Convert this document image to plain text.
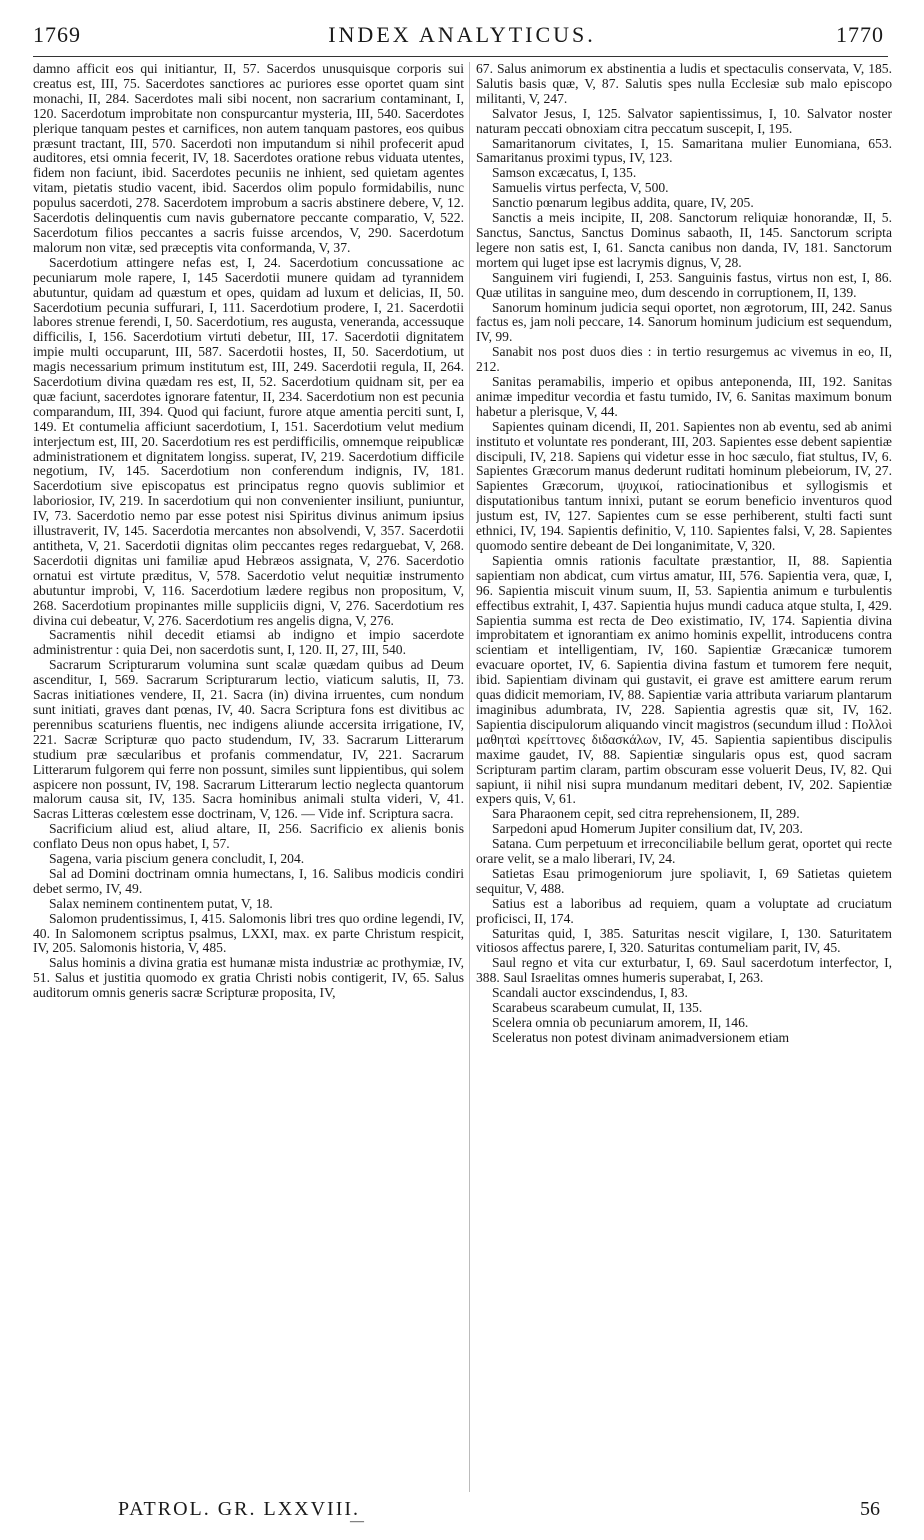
1769	INDEX ANALYTICUS.	1770

damno afficit eos qui initiantur, II, 57. Sacerdos unusquisque corporis sui creatus est, III, 75. Sacerdotes sanctiores ac puriores esse oportet quam sint monachi, II, 284. Sacerdotes mali sibi nocent, non sacrarium contaminant, I, 120. Sacerdotum improbitate non conspurcantur mysteria, III, 540. Sacerdotes plerique tanquam pestes et carnifices, non autem tanquam pastores, eos quibus præsunt tractant, III, 570. Sacerdoti non imputandum si nihil profecerit apud auditores, etsi omnia fecerit, IV, 18. Sacerdotes oratione rebus viduata utentes, fidem non faciunt, ibid. Sacerdotes pecuniis ne inhient, sed quietam agentes vitam, pietatis studio vacent, ibid. Sacerdos olim populo formidabilis, nunc populus sacerdoti, 278. Sacerdotem improbum a sacris abstinere debere, V, 12. Sacerdotis delinquentis cum navis gubernatore peccante comparatio, V, 522. Sacerdotum filios peccantes a sacris fuisse arcendos, V, 290. Sacerdotum malorum non vitæ, sed præceptis vita conformanda, V, 37.

Sacerdotium attingere nefas est, I, 24. Sacerdotium concussatione ac pecuniarum mole rapere, I, 145 Sacerdotii munere quidam ad tyrannidem abutuntur, quidam ad quæstum et opes, quidam ad luxum et delicias, II, 50. Sacerdotium pecunia suffurari, I, 111. Sacerdotium prodere, I, 21. Sacerdotii labores strenue ferendi, I, 50. Sacerdotium, res augusta, veneranda, accessuque difficilis, I, 156. Sacerdotium virtuti debetur, III, 17. Sacerdotii dignitatem impie multi occuparunt, III, 587. Sacerdotii hostes, II, 50. Sacerdotium, ut magis necessarium primum institutum est, III, 249. Sacerdotii regula, II, 264. Sacerdotium divina quædam res est, II, 52. Sacerdotium quidnam sit, per ea quæ faciunt, sacerdotes ignorare fatentur, II, 234. Sacerdotium non est pecunia comparandum, III, 394. Quod qui faciunt, furore atque amentia perciti sunt, I, 149. Et contumelia afficiunt sacerdotium, I, 151. Sacerdotium velut medium interjectum est, III, 20. Sacerdotium res est perdifficilis, omnemque reipublicæ administrationem et dignitatem longiss. superat, IV, 219. Sacerdotium difficile negotium, IV, 145. Sacerdotium non conferendum indignis, IV, 181. Sacerdotium sive episcopatus est principatus regno quovis sublimior et laboriosior, IV, 219. In sacerdotium qui non convenienter insiliunt, puniuntur, IV, 73. Sacerdotio nemo par esse potest nisi Spiritus divinus animum ipsius illustraverit, IV, 145. Sacerdotia mercantes non absolvendi, V, 357. Sacerdotii antitheta, V, 21. Sacerdotii dignitas olim peccantes reges redarguebat, V, 268. Sacerdotii dignitas uni familiæ apud Hebræos assignata, V, 276. Sacerdotio ornatui est virtute præditus, V, 578. Sacerdotio velut nequitiæ instrumento abutuntur improbi, V, 116. Sacerdotium lædere regibus non propositum, V, 268. Sacerdotium propinantes mille suppliciis digni, V, 276. Sacerdotium res divina cui debeatur, V, 276. Sacerdotium res angelis digna, V, 276.

Sacramentis nihil decedit etiamsi ab indigno et impio sacerdote administrentur : quia Dei, non sacerdotis sunt, I, 120. II, 27, III, 540.

Sacrarum Scripturarum volumina sunt scalæ quædam quibus ad Deum ascenditur, I, 569. Sacrarum Scripturarum lectio, viaticum salutis, II, 73. Sacras initiationes vendere, II, 21. Sacra (in) divina irruentes, cum nondum sunt initiati, graves dant pœnas, IV, 40. Sacra Scriptura fons est divitibus ac perennibus scaturiens fluentis, nec indigens aliunde accersita irrigatione, IV, 221. Sacræ Scripturæ quo pacto studendum, IV, 33. Sacrarum Litterarum studium præ sæcularibus et profanis commendatur, IV, 221. Sacrarum Litterarum fulgorem qui ferre non possunt, similes sunt lippientibus, qui solem aspicere non possunt, IV, 198. Sacrarum Litterarum lectio neglecta quantorum malorum causa sit, IV, 135. Sacra hominibus animali stulta videri, V, 41. Sacras Litteras cœlestem esse doctrinam, V, 126. — Vide inf. Scriptura sacra.

Sacrificium aliud est, aliud altare, II, 256. Sacrificio ex alienis bonis conflato Deus non opus habet, I, 57.

Sagena, varia piscium genera concludit, I, 204.

Sal ad Domini doctrinam omnia humectans, I, 16. Salibus modicis condiri debet sermo, IV, 49.

Salax neminem continentem putat, V, 18.

Salomon prudentissimus, I, 415. Salomonis libri tres quo ordine legendi, IV, 40. In Salomonem scriptus psalmus, LXXI, max. ex parte Christum respicit, IV, 205. Salomonis historia, V, 485.

Salus hominis a divina gratia est humanæ mista industriæ ac prothymiæ, IV, 51. Salus et justitia quomodo ex gratia Christi nobis contigerit, IV, 65. Salus auditorum omnis generis sacræ Scripturæ proposita, IV,

67. Salus animorum ex abstinentia a ludis et spectaculis conservata, V, 185. Salutis basis quæ, V, 87. Salutis spes nulla Ecclesiæ sub malo episcopo militanti, V, 247.

Salvator Jesus, I, 125. Salvator sapientissimus, I, 10. Salvator noster naturam peccati obnoxiam citra peccatum suscepit, I, 195.

Samaritanorum civitates, I, 15. Samaritana mulier Eunomiana, 653. Samaritanus proximi typus, IV, 123.

Samson excæcatus, I, 135.

Samuelis virtus perfecta, V, 500.

Sanctio pœnarum legibus addita, quare, IV, 205.

Sanctis a meis incipite, II, 208. Sanctorum reliquiæ honorandæ, II, 5. Sanctus, Sanctus, Sanctus Dominus sabaoth, II, 145. Sanctorum scripta legere non satis est, I, 61. Sancta canibus non danda, IV, 181. Sanctorum mortem qui luget ipse est lacrymis dignus, V, 28.

Sanguinem viri fugiendi, I, 253. Sanguinis fastus, virtus non est, I, 86. Quæ utilitas in sanguine meo, dum descendo in corruptionem, II, 139.

Sanorum hominum judicia sequi oportet, non ægrotorum, III, 242. Sanus factus es, jam noli peccare, 14. Sanorum hominum judicium est sequendum, IV, 99.

Sanabit nos post duos dies : in tertio resurgemus ac vivemus in eo, II, 212.

Sanitas peramabilis, imperio et opibus anteponenda, III, 192. Sanitas animæ impeditur vecordia et fastu tumido, IV, 6. Sanitas maximum bonum habetur a plerisque, V, 44.

Sapientes quinam dicendi, II, 201. Sapientes non ab eventu, sed ab animi instituto et voluntate res ponderant, III, 203. Sapientes esse debent sapientiæ discipuli, IV, 218. Sapiens qui videtur esse in hoc sæculo, fiat stultus, IV, 6. Sapientes Græcorum manus dederunt ruditati hominum plebeiorum, IV, 27. Sapientes Græcorum, ψυχικοί, ratiocinationibus et syllogismis et disputationibus tantum innixi, putant se eorum beneficio inventuros quod justum est, IV, 127. Sapientes cum se esse perhiberent, stulti facti sunt ethnici, IV, 194. Sapientis definitio, V, 110. Sapientes falsi, V, 28. Sapientes quomodo sentire debeant de Dei longanimitate, V, 320.

Sapientia omnis rationis facultate præstantior, II, 88. Sapientia sapientiam non abdicat, cum virtus amatur, III, 576. Sapientia vera, quæ, I, 96. Sapientia miscuit vinum suum, II, 53. Sapientia animum e turbulentis effectibus extrahit, I, 437. Sapientia hujus mundi caduca atque stulta, I, 429. Sapientia summa est recta de Deo existimatio, IV, 174. Sapientia divina improbitatem et ignorantiam ex animo hominis expellit, introducens contra scientiam et intelligentiam, IV, 160. Sapientiæ Græcanicæ tumorem evacuare oportet, IV, 6. Sapientia divina fastum et tumorem fere nequit, ibid. Sapientiam divinam qui gustavit, ei grave est amittere earum rerum quas didicit memoriam, IV, 88. Sapientiæ varia attributa variarum plantarum imaginibus adumbrata, IV, 228. Sapientia agrestis quæ sit, IV, 162. Sapientia discipulorum aliquando vincit magistros (secundum illud : Πολλοὶ μαθηταὶ κρείττονες διδασκάλων, IV, 45. Sapientia sapientibus discipulis maxime gaudet, IV, 88. Sapientiæ singularis opus est, quod sacram Scripturam partim claram, partim obscuram esse voluerit Deus, IV, 82. Qui sapiunt, ii nihil nisi supra mundanum meditari debent, IV, 202. Sapientiæ expers quis, V, 61.

Sara Pharaonem cepit, sed citra reprehensionem, II, 289.

Sarpedoni apud Homerum Jupiter consilium dat, IV, 203.

Satana. Cum perpetuum et irreconciliabile bellum gerat, oportet qui recte orare velit, se a malo liberari, IV, 24.

Satietas Esau primogeniorum jure spoliavit, I, 69 Satietas quietem sequitur, V, 488.

Satius est a laboribus ad requiem, quam a voluptate ad cruciatum proficisci, II, 174.

Saturitas quid, I, 385. Saturitas nescit vigilare, I, 130. Saturitatem vitiosos affectus parere, I, 320. Saturitas contumeliam parit, IV, 45.

Saul regno et vita cur exturbatur, I, 69. Saul sacerdotum interfector, I, 388. Saul Israelitas omnes humeris superabat, I, 263.

Scandali auctor exscindendus, I, 83.

Scarabeus scarabeum cumulat, II, 135.

Scelera omnia ob pecuniarum amorem, II, 146.

Sceleratus non potest divinam animadversionem etiam

PATROL. GR. LXXVIII.
—
56
